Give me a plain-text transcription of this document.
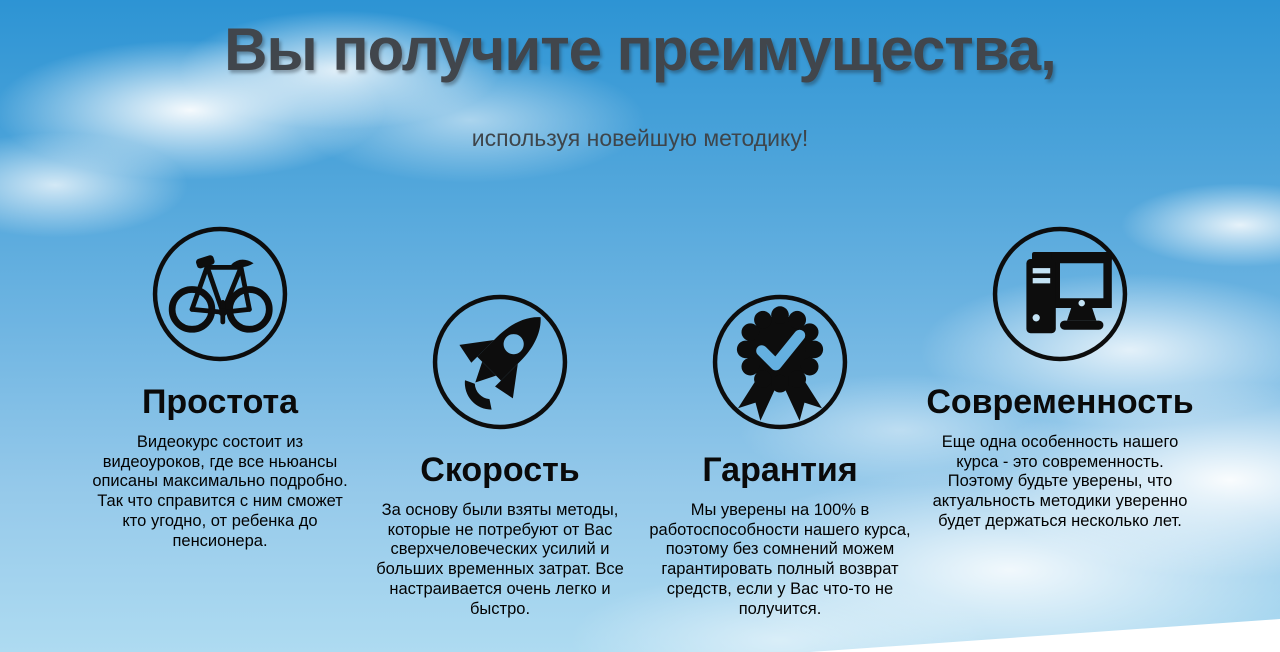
Вы получите преимущества,

используя новейшую методику!

Простота

Видеокурс состоит из видеоуроков, где все ньюансы описаны максимально подробно. Так что справится с ним сможет кто угодно, от ребенка до пенсионера.

Скорость

За основу были взяты методы, которые не потребуют от Вас сверхчеловеческих усилий и больших временных затрат. Все настраивается очень легко и быстро.

Гарантия

Мы уверены на 100% в работоспособности нашего курса, поэтому без сомнений можем гарантировать полный возврат средств, если у Вас что-то не получится.

Современность

Еще одна особенность нашего курса - это современность. Поэтому будьте уверены, что актуальность методики уверенно будет держаться несколько лет.
